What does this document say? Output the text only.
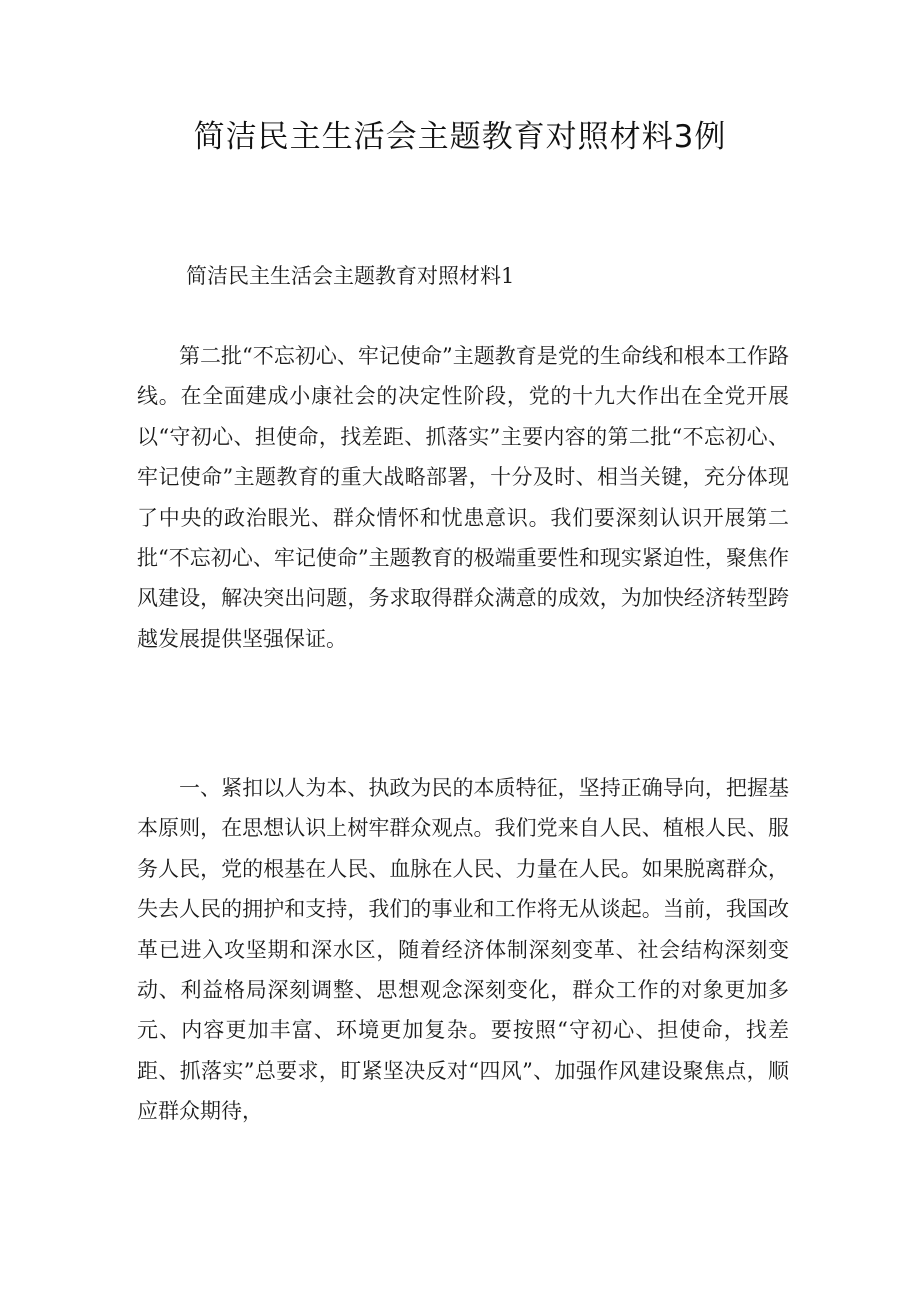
简洁民主生活会主题教育对照材料3例

简洁民主生活会主题教育对照材料1

第二批“不忘初心、牢记使命”主题教育是党的生命线和根本工作路线。在全面建成小康社会的决定性阶段，党的十九大作出在全党开展以“守初心、担使命，找差距、抓落实”主要内容的第二批“不忘初心、牢记使命”主题教育的重大战略部署，十分及时、相当关键，充分体现了中央的政治眼光、群众情怀和忧患意识。我们要深刻认识开展第二批“不忘初心、牢记使命”主题教育的极端重要性和现实紧迫性，聚焦作风建设，解决突出问题，务求取得群众满意的成效，为加快经济转型跨越发展提供坚强保证。

一、紧扣以人为本、执政为民的本质特征，坚持正确导向，把握基本原则，在思想认识上树牢群众观点。我们党来自人民、植根人民、服务人民，党的根基在人民、血脉在人民、力量在人民。如果脱离群众，失去人民的拥护和支持，我们的事业和工作将无从谈起。当前，我国改革已进入攻坚期和深水区，随着经济体制深刻变革、社会结构深刻变动、利益格局深刻调整、思想观念深刻变化，群众工作的对象更加多元、内容更加丰富、环境更加复杂。要按照“守初心、担使命，找差距、抓落实”总要求，盯紧坚决反对“四风”、加强作风建设聚焦点，顺应群众期待，
